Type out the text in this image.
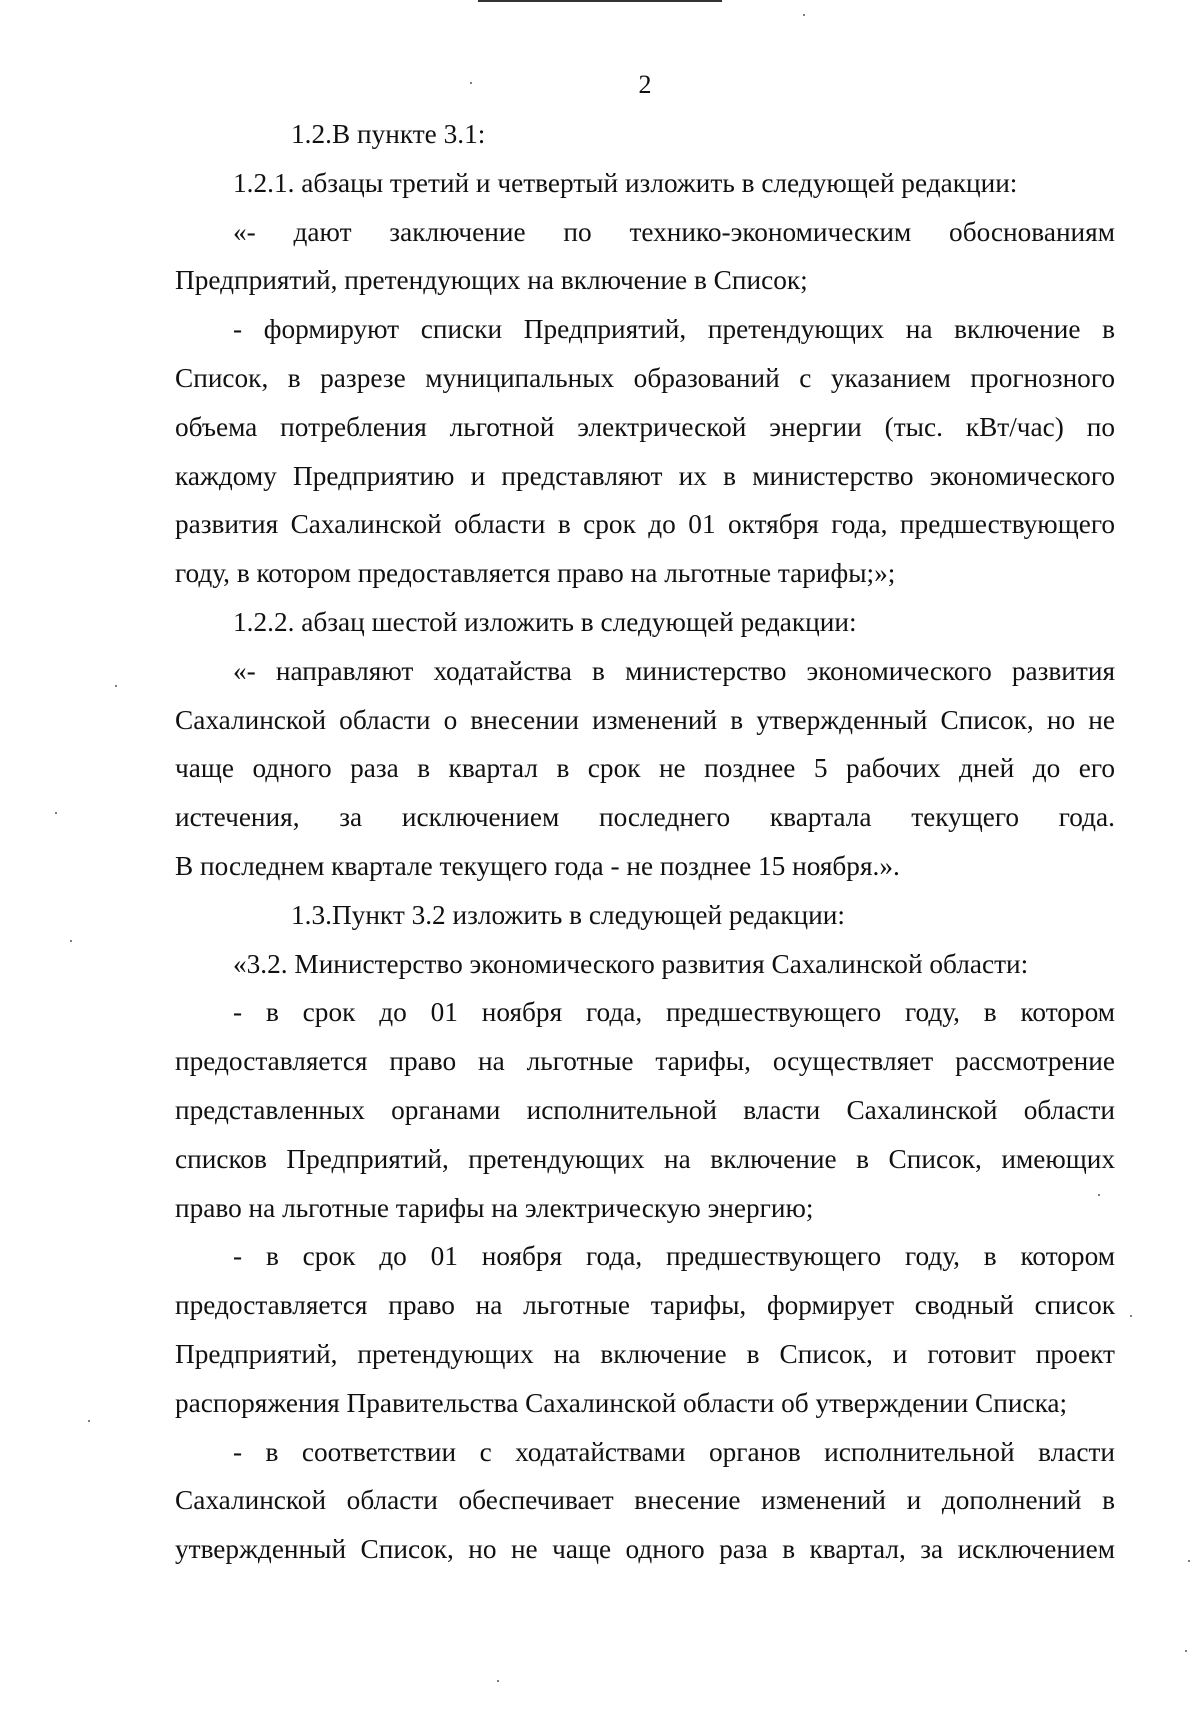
2

1.2.В пункте 3.1:

1.2.1. абзацы третий и четвертый изложить в следующей редакции:

«- дают заключение по технико-экономическим обоснованиям
Предприятий, претендующих на включение в Список;

- формируют списки Предприятий, претендующих на включение в
Список, в разрезе муниципальных образований с указанием прогнозного
объема потребления льготной электрической энергии (тыс. кВт/час) по
каждому Предприятию и представляют их в министерство экономического
развития Сахалинской области в срок до 01 октября года, предшествующего
году, в котором предоставляется право на льготные тарифы;»;

1.2.2. абзац шестой изложить в следующей редакции:

«- направляют ходатайства в министерство экономического развития
Сахалинской области о внесении изменений в утвержденный Список, но не
чаще одного раза в квартал в срок не позднее 5 рабочих дней до его
истечения, за исключением последнего квартала текущего года.
В последнем квартале текущего года - не позднее 15 ноября.».

1.3.Пункт 3.2 изложить в следующей редакции:

«3.2. Министерство экономического развития Сахалинской области:

- в срок до 01 ноября года, предшествующего году, в котором
предоставляется право на льготные тарифы, осуществляет рассмотрение
представленных органами исполнительной власти Сахалинской области
списков Предприятий, претендующих на включение в Список, имеющих
право на льготные тарифы на электрическую энергию;

- в срок до 01 ноября года, предшествующего году, в котором
предоставляется право на льготные тарифы, формирует сводный список
Предприятий, претендующих на включение в Список, и готовит проект
распоряжения Правительства Сахалинской области об утверждении Списка;

- в соответствии с ходатайствами органов исполнительной власти
Сахалинской области обеспечивает внесение изменений и дополнений в
утвержденный Список, но не чаще одного раза в квартал, за исключением
